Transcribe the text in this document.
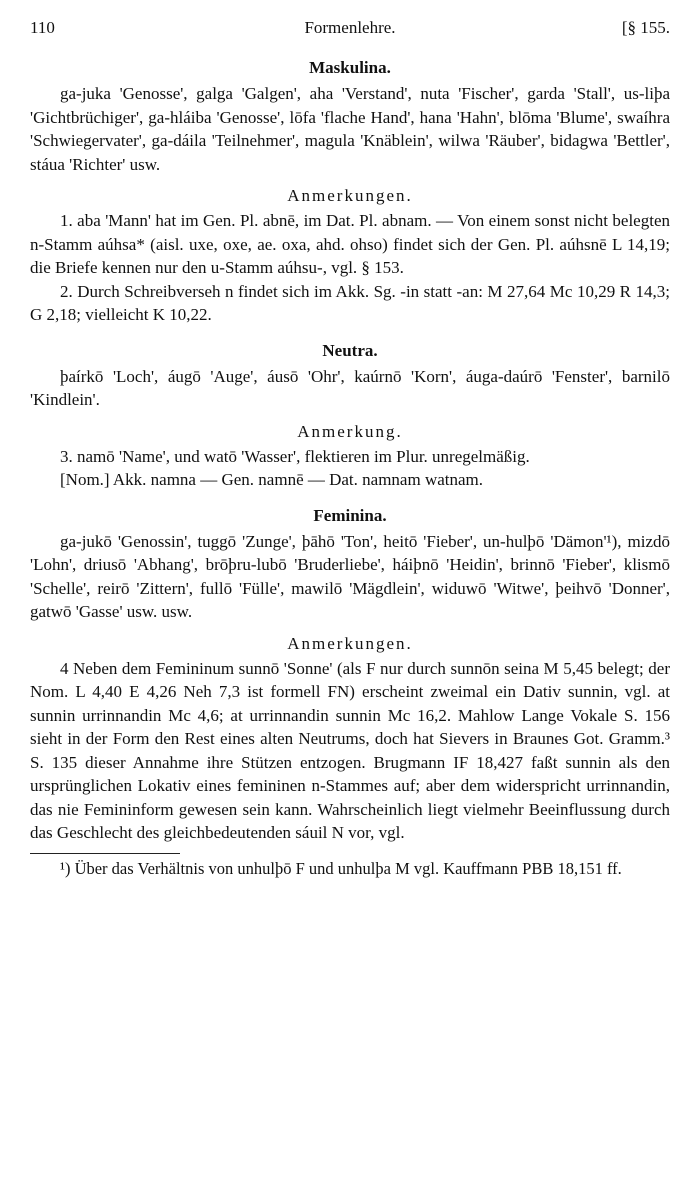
110	Formenlehre.	[§ 155.
Maskulina.

ga-juka 'Genosse', galga 'Galgen', aha 'Verstand', nuta 'Fischer', garda 'Stall', us-liþa 'Gichtbrüchiger', ga-hláiba 'Genosse', lōfa 'flache Hand', hana 'Hahn', blōma 'Blume', swaíhra 'Schwiegervater', ga-dáila 'Teilnehmer', magula 'Knäblein', wilwa 'Räuber', bidagwa 'Bettler', stáua 'Richter' usw.

Anmerkungen.

1. aba 'Mann' hat im Gen. Pl. abnē, im Dat. Pl. abnam. — Von einem sonst nicht belegten n-Stamm aúhsa* (aisl. uxe, oxe, ae. oxa, ahd. ohso) findet sich der Gen. Pl. aúhsnē L 14,19; die Briefe kennen nur den u-Stamm aúhsu-, vgl. § 153.

2. Durch Schreibverseh n findet sich im Akk. Sg. -in statt -an: M 27,64 Mc 10,29 R 14,3; G 2,18; vielleicht K 10,22.

Neutra.

þaírkō 'Loch', áugō 'Auge', áusō 'Ohr', kaúrnō 'Korn', áuga-daúrō 'Fenster', barnilō 'Kindlein'.

Anmerkung.

3. namō 'Name', und watō 'Wasser', flektieren im Plur. unregelmäßig.

[Nom.] Akk. namna — Gen. namnē — Dat. namnam watnam.

Feminina.

ga-jukō 'Genossin', tuggō 'Zunge', þāhō 'Ton', heitō 'Fieber', un-hulþō 'Dämon'¹), mizdō 'Lohn', driusō 'Abhang', brōþru-lubō 'Bruderliebe', háiþnō 'Heidin', brinnō 'Fieber', klismō 'Schelle', reirō 'Zittern', fullō 'Fülle', mawilō 'Mägdlein', widuwō 'Witwe', þeihvō 'Donner', gatwō 'Gasse' usw. usw.

Anmerkungen.

4 Neben dem Femininum sunnō 'Sonne' (als F nur durch sunnōn seina M 5,45 belegt; der Nom. L 4,40 E 4,26 Neh 7,3 ist formell FN) erscheint zweimal ein Dativ sunnin, vgl. at sunnin urrinnandin Mc 4,6; at urrinnandin sunnin Mc 16,2. Mahlow Lange Vokale S. 156 sieht in der Form den Rest eines alten Neutrums, doch hat Sievers in Braunes Got. Gramm.³ S. 135 dieser Annahme ihre Stützen entzogen. Brugmann IF 18,427 faßt sunnin als den ursprünglichen Lokativ eines femininen n-Stammes auf; aber dem widerspricht urrinnandin, das nie Femininform gewesen sein kann. Wahrscheinlich liegt vielmehr Beeinflussung durch das Geschlecht des gleichbedeutenden sáuil N vor, vgl.

¹) Über das Verhältnis von unhulþō F und unhulþa M vgl. Kauffmann PBB 18,151 ff.
